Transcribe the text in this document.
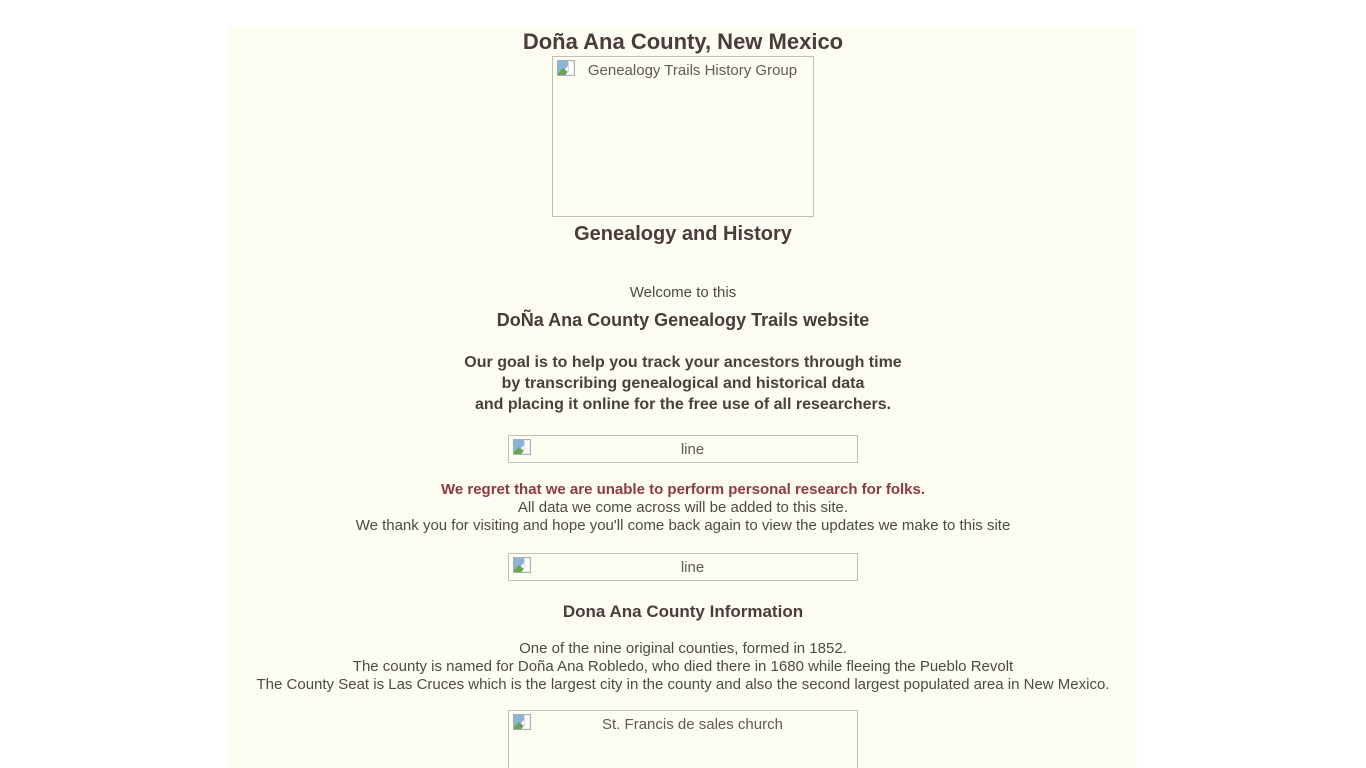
Doña Ana County, New Mexico
Genealogy Trails History Group
Genealogy and History
Welcome to this
DoÑa Ana County Genealogy Trails website
Our goal is to help you track your ancestors through time
by transcribing genealogical and historical data
and placing it online for the free use of all researchers.
line
We regret that we are unable to perform personal research for folks.
All data we come across will be added to this site.
We thank you for visiting and hope you'll come back again to view the updates we make to this site
line
Dona Ana County Information
One of the nine original counties, formed in 1852.
The county is named for Doña Ana Robledo, who died there in 1680 while fleeing the Pueblo Revolt
The County Seat is Las Cruces which is the largest city in the county and also the second largest populated area in New Mexico.
St. Francis de sales church
